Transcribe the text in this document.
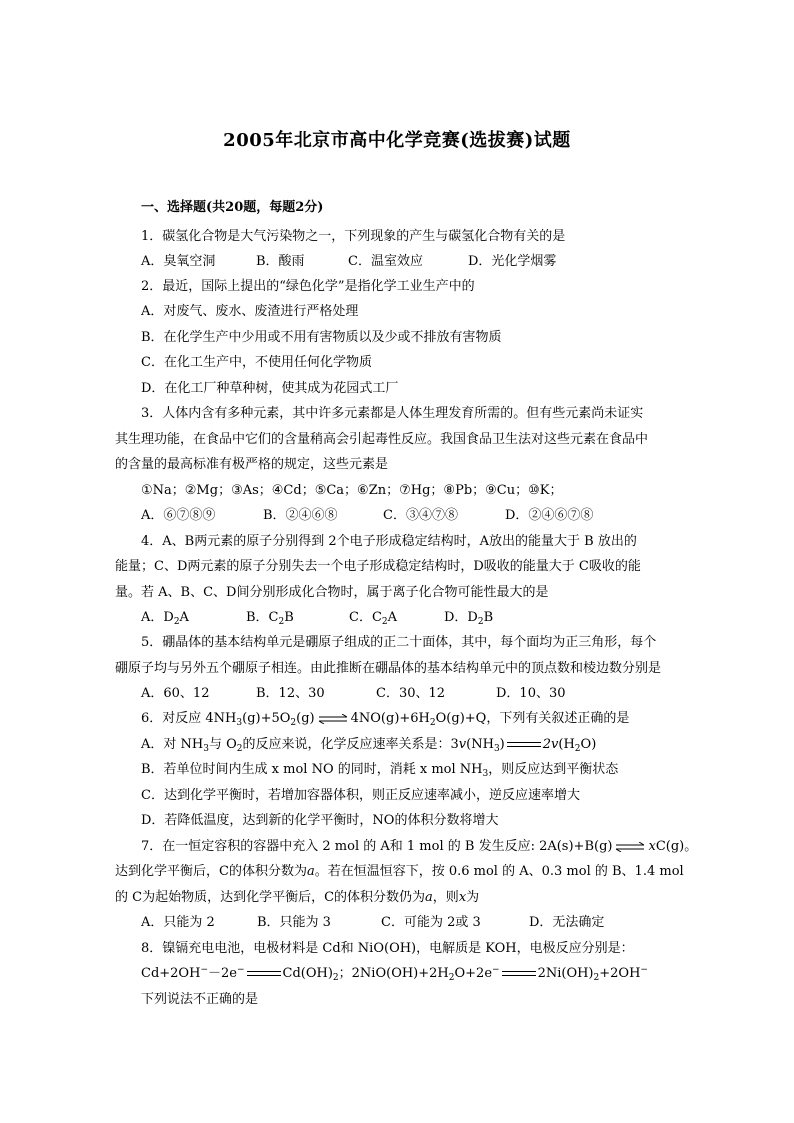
2005年北京市高中化学竞赛(选拔赛)试题
一、选择题(共20题，每题2分)
1．碳氢化合物是大气污染物之一，下列现象的产生与碳氢化合物有关的是
A．臭氧空洞	B．酸雨	C．温室效应	D．光化学烟雾
2．最近，国际上提出的“绿色化学”是指化学工业生产中的
A．对废气、废水、废渣进行严格处理
B．在化学生产中少用或不用有害物质以及少或不排放有害物质
C．在化工生产中，不使用任何化学物质
D．在化工厂种草种树，使其成为花园式工厂
3．人体内含有多种元素，其中许多元素都是人体生理发育所需的。但有些元素尚未证实
其生理功能，在食品中它们的含量稍高会引起毒性反应。我国食品卫生法对这些元素在食品中
的含量的最高标准有极严格的规定，这些元素是
①Na；②Mg；③As；④Cd；⑤Ca；⑥Zn；⑦Hg；⑧Pb；⑨Cu；⑩K；
A．⑥⑦⑧⑨	B．②④⑥⑧	C．③④⑦⑧	D．②④⑥⑦⑧
4．A、B两元素的原子分别得到 2个电子形成稳定结构时，A放出的能量大于 B 放出的
能量；C、D两元素的原子分别失去一个电子形成稳定结构时，D吸收的能量大于 C吸收的能
量。若 A、B、C、D间分别形成化合物时，属于离子化合物可能性最大的是
A．$D_2A$	B．$C_2B$	C．$C_2A$	D．$D_2B$
5．硼晶体的基本结构单元是硼原子组成的正二十面体，其中，每个面均为正三角形，每个
硼原子均与另外五个硼原子相连。由此推断在硼晶体的基本结构单元中的顶点数和棱边数分别是
A．60、12	B．12、30	C．30、12	D．10、30
6．对反应 $4NH_3(g)+5O_2(g)$ ⇌ $4NO(g)+6H_2O(g)+Q$，下列有关叙述正确的是
A．对 $NH_3$与 $O_2$的反应来说，化学反应速率关系是：$3v(NH_3)$	$2v(H_2O)$
B．若单位时间内生成 x mol NO 的同时，消耗 x mol $NH_3$，则反应达到平衡状态
C．达到化学平衡时，若增加容器体积，则正反应速率减小，逆反应速率增大
D．若降低温度，达到新的化学平衡时，NO的体积分数将增大
7．在一恒定容积的容器中充入 2 mol 的 A和 1 mol 的 B 发生反应: 2A(s)+B(g) ⇌ xC(g)。
达到化学平衡后，C的体积分数为a。若在恒温恒容下，按 0.6 mol 的 A、0.3 mol 的 B、1.4 mol
的 C为起始物质，达到化学平衡后，C的体积分数仍为a，则x为
A．只能为 2	B．只能为 3	C．可能为 2或 3	D．无法确定
8．镍镉充电电池，电极材料是 Cd和 NiO(OH)，电解质是 KOH，电极反应分别是：
Cd+2OH−－2e−	$Cd(OH)_2$；$2NiO(OH)+2H_2O+2e^-$	$2Ni(OH)_2+2OH^-$
下列说法不正确的是
